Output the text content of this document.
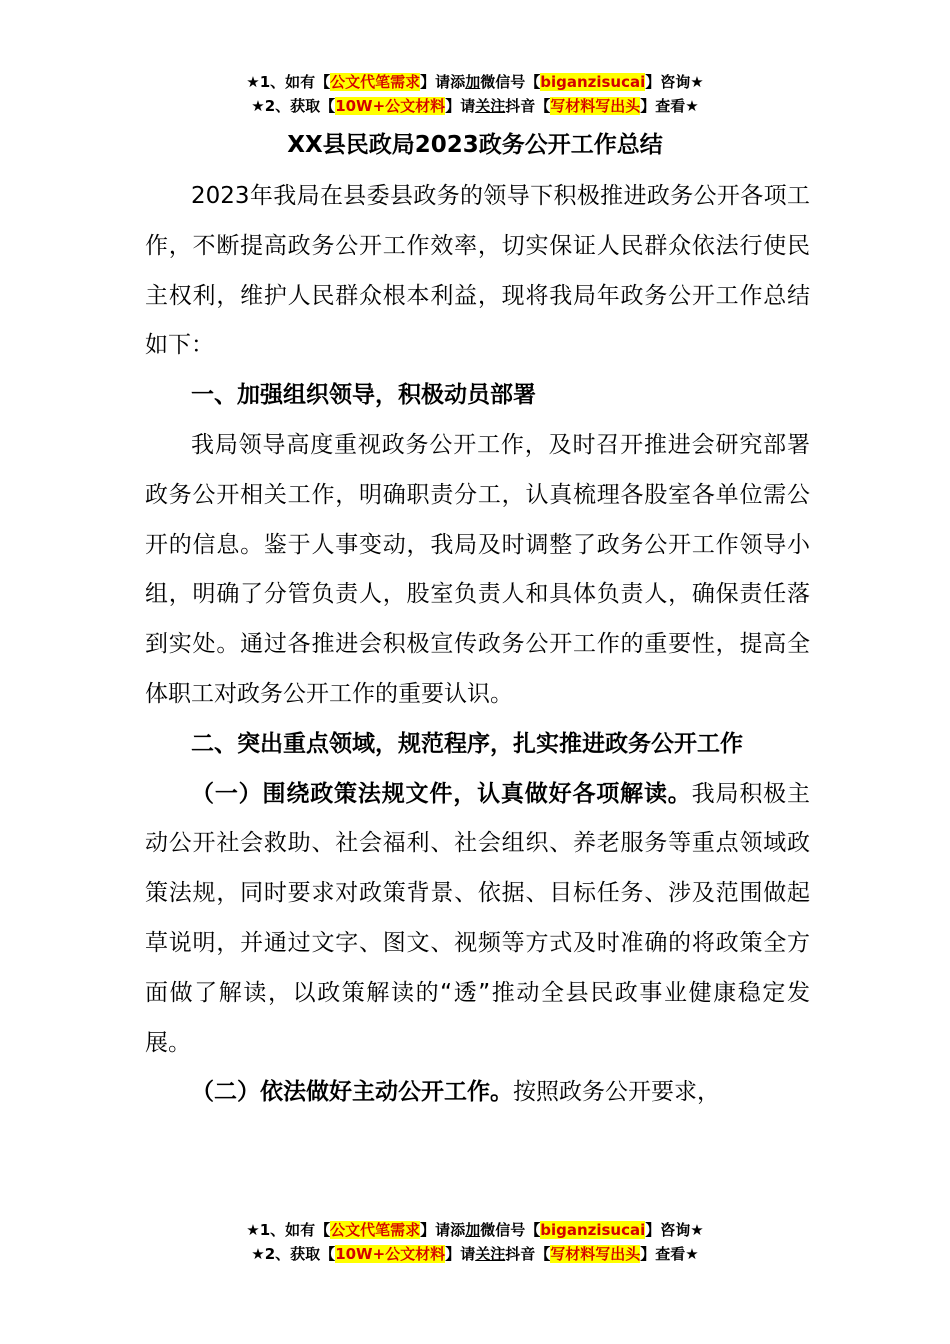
★1、如有【公文代笔需求】请添加微信号【biganzisucai】咨询★
★2、获取【10W+公文材料】请关注抖音【写材料写出头】查看★
XX县民政局2023政务公开工作总结

2023年我局在县委县政务的领导下积极推进政务公开各项工作，不断提高政务公开工作效率，切实保证人民群众依法行使民主权利，维护人民群众根本利益，现将我局年政务公开工作总结如下：

一、加强组织领导，积极动员部署

我局领导高度重视政务公开工作，及时召开推进会研究部署政务公开相关工作，明确职责分工，认真梳理各股室各单位需公开的信息。鉴于人事变动，我局及时调整了政务公开工作领导小组，明确了分管负责人，股室负责人和具体负责人，确保责任落到实处。通过各推进会积极宣传政务公开工作的重要性，提高全体职工对政务公开工作的重要认识。

二、突出重点领域，规范程序，扎实推进政务公开工作

（一）围绕政策法规文件，认真做好各项解读。我局积极主动公开社会救助、社会福利、社会组织、养老服务等重点领域政策法规，同时要求对政策背景、依据、目标任务、涉及范围做起草说明，并通过文字、图文、视频等方式及时准确的将政策全方面做了解读，以政策解读的“透”推动全县民政事业健康稳定发展。

（二）依法做好主动公开工作。按照政务公开要求，

★1、如有【公文代笔需求】请添加微信号【biganzisucai】咨询★
★2、获取【10W+公文材料】请关注抖音【写材料写出头】查看★
